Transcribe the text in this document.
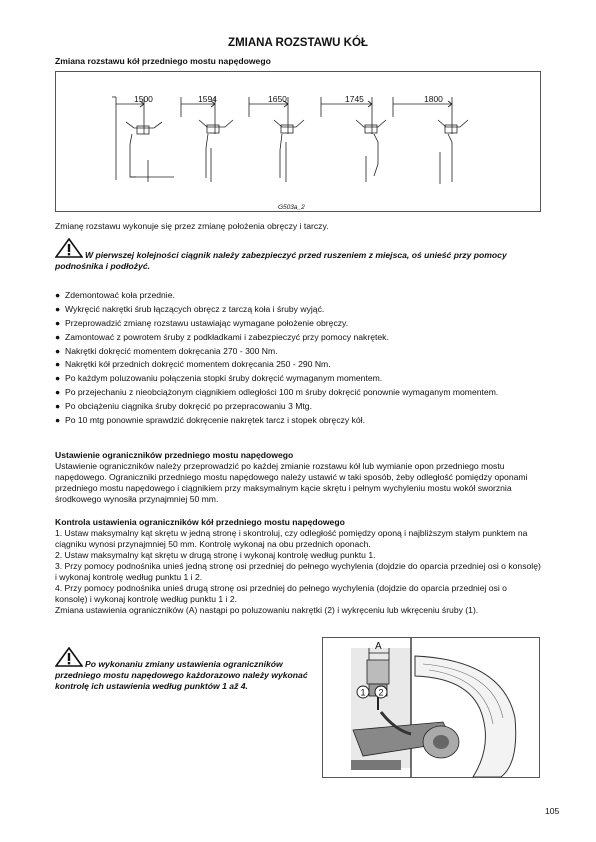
ZMIANA ROZSTAWU KÓŁ
Zmiana rozstawu kół przedniego mostu napędowego
1500	1594	1650	1745	1800
G503a_2
Zmianę rozstawu wykonuje się przez zmianę położenia obręczy i tarczy.
W pierwszej kolejności ciągnik należy zabezpieczyć przed ruszeniem z miejsca, oś unieść przy pomocy podnośnika i podłożyć.
● Zdemontować koła przednie.
● Wykręcić nakrętki śrub łączących obręcz z tarczą koła i śruby wyjąć.
● Przeprowadzić zmianę rozstawu ustawiając wymagane położenie obręczy.
● Zamontować z powrotem śruby z podkładkami i zabezpieczyć przy pomocy nakrętek.
● Nakrętki dokręcić momentem dokręcania 270 - 300 Nm.
● Nakrętki kół przednich dokręcić momentem dokręcania 250 - 290 Nm.
● Po każdym poluzowaniu połączenia stopki śruby dokręcić wymaganym momentem.
● Po przejechaniu z nieobciążonym ciągnikiem odległości 100 m śruby dokręcić ponownie wymaganym momentem.
● Po obciążeniu ciągnika śruby dokręcić po przepracowaniu 3 Mtg.
● Po 10 mtg ponownie sprawdzić dokręcenie nakrętek tarcz i stopek obręczy kół.
Ustawienie ograniczników przedniego mostu napędowego
Ustawienie ograniczników należy przeprowadzić po każdej zmianie rozstawu kół lub wymianie opon przedniego mostu napędowego. Ograniczniki przedniego mostu napędowego należy ustawić w taki sposób, żeby odległość pomiędzy oponami przedniego mostu napędowego i ciągnikiem przy maksymalnym kącie skrętu i pełnym wychyleniu mostu wokół sworznia środkowego wynosiła przynajmniej 50 mm.
Kontrola ustawienia ograniczników kół przedniego mostu napędowego
1. Ustaw maksymalny kąt skrętu w jedną stronę i skontroluj, czy odległość pomiędzy oponą i najbliższym stałym punktem na ciągniku wynosi przynajmniej 50 mm. Kontrolę wykonaj na obu przednich oponach.
2. Ustaw maksymalny kąt skrętu w drugą stronę i wykonaj kontrolę według punktu 1.
3. Przy pomocy podnośnika unieś jedną stronę osi przedniej do pełnego wychylenia (dojdzie do oparcia przedniej osi o konsolę) i wykonaj kontrolę według punktu 1 i 2.
4. Przy pomocy podnośnika unieś drugą stronę osi przedniej do pełnego wychylenia (dojdzie do oparcia przedniej osi o konsolę) i wykonaj kontrolę według punktu 1 i 2.
Zmiana ustawienia ograniczników (A) nastąpi po poluzowaniu nakrętki (2) i wykręceniu lub wkręceniu śruby (1).
Po wykonaniu zmiany ustawienia ograniczników przedniego mostu napędowego każdorazowo należy wykonać kontrolę ich ustawienia według punktów 1 až 4.
A
1 2
105
